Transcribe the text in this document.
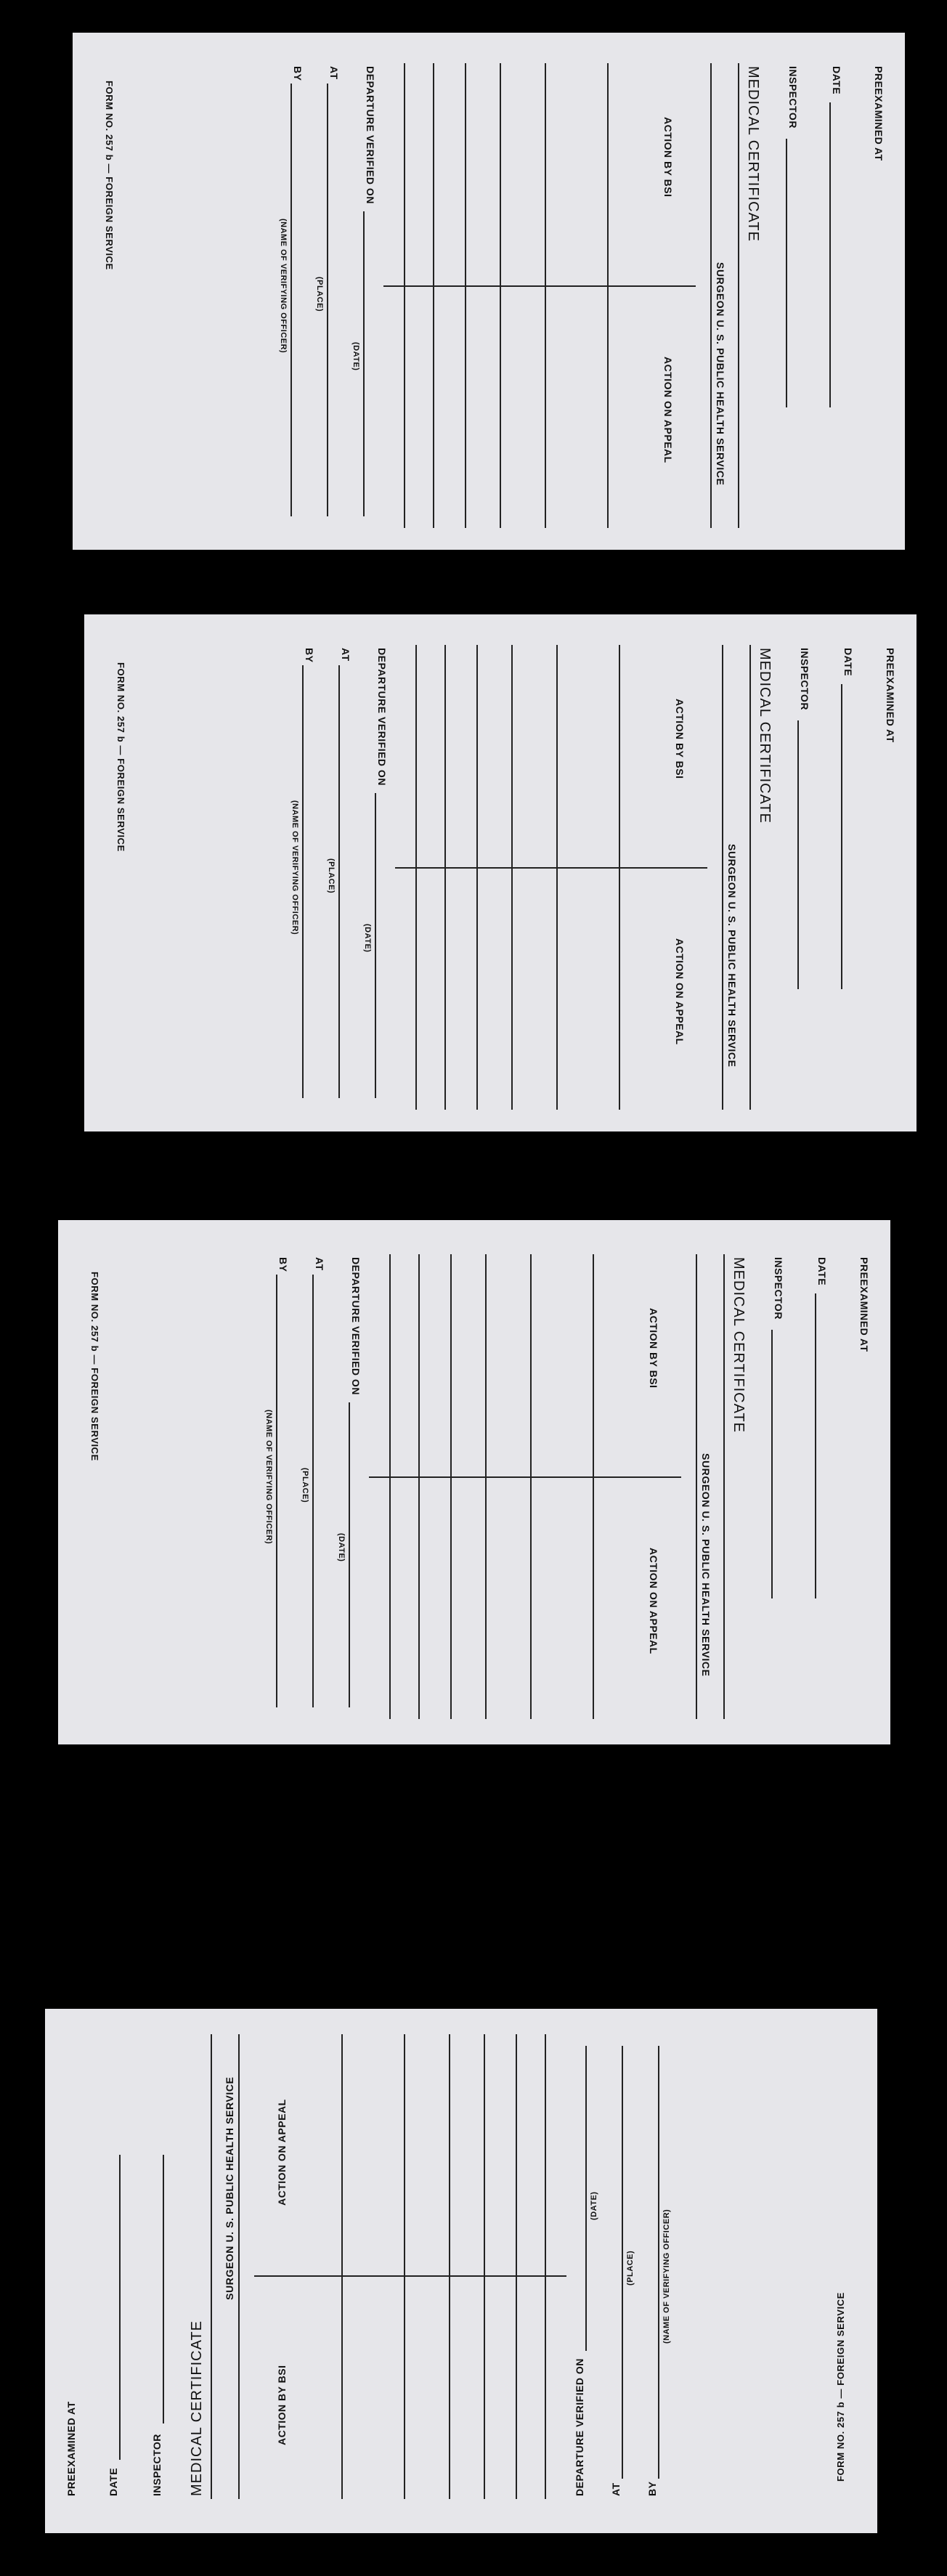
PREEXAMINED AT
DATE
INSPECTOR
MEDICAL CERTIFICATE
SURGEON U. S. PUBLIC HEALTH SERVICE
ACTION BY BSI
ACTION ON APPEAL
DEPARTURE VERIFIED ON
(DATE)
AT
(PLACE)
BY
(NAME OF VERIFYING OFFICER)
FORM NO. 257 b — FOREIGN SERVICE
PREEXAMINED AT
DATE
INSPECTOR
MEDICAL CERTIFICATE
SURGEON U. S. PUBLIC HEALTH SERVICE
ACTION BY BSI
ACTION ON APPEAL
DEPARTURE VERIFIED ON
(DATE)
AT
(PLACE)
BY
(NAME OF VERIFYING OFFICER)
FORM NO. 257 b — FOREIGN SERVICE
PREEXAMINED AT
DATE
INSPECTOR
MEDICAL CERTIFICATE
SURGEON U. S. PUBLIC HEALTH SERVICE
ACTION BY BSI
ACTION ON APPEAL
DEPARTURE VERIFIED ON
(DATE)
AT
(PLACE)
BY
(NAME OF VERIFYING OFFICER)
FORM NO. 257 b — FOREIGN SERVICE
PREEXAMINED AT	DATE	INSPECTOR MEDICAL CERTIFICATE
SURGEON U. S. PUBLIC HEALTH SERVICE
ACTION BY BSI
ACTION ON APPEAL
DEPARTURE VERIFIED ON
(DATE)
AT
(PLACE)
BY
(NAME OF VERIFYING OFFICER)
FORM NO. 257 b — FOREIGN SERVICE
